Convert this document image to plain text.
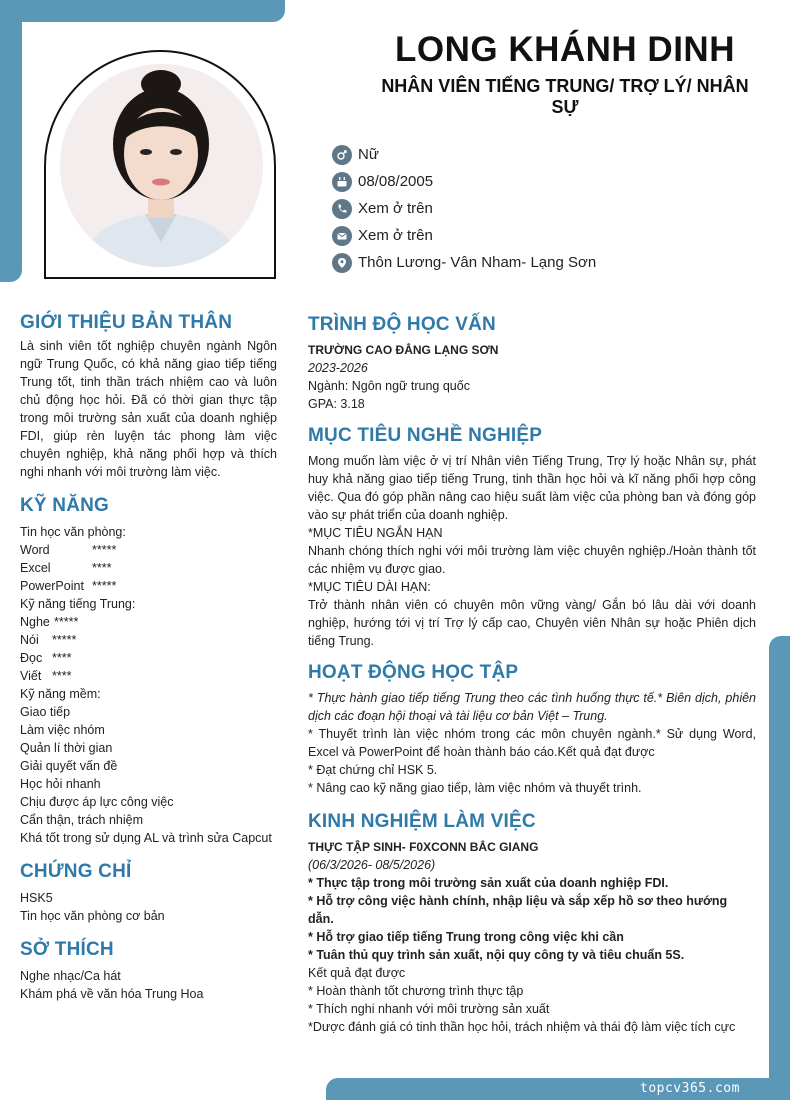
LONG KHÁNH DINH
NHÂN VIÊN TIẾNG TRUNG/ TRỢ LÝ/ NHÂN SỰ
Nữ
08/08/2005
Xem ở trên
Xem ở trên
Thôn Lương- Vân Nham- Lạng Sơn
GIỚI THIỆU BẢN THÂN

Là sinh viên tốt nghiệp chuyên ngành Ngôn ngữ Trung Quốc, có khả năng giao tiếp tiếng Trung tốt, tinh thần trách nhiệm cao và luôn chủ động học hỏi. Đã có thời gian thực tập trong môi trường sản xuất của doanh nghiệp FDI, giúp rèn luyện tác phong làm việc chuyên nghiệp, khả năng phối hợp và thích nghi nhanh với môi trường làm việc.

KỸ NĂNG
Tin học văn phòng:
Word	*****
Excel	****
PowerPoint *****
Kỹ năng tiếng Trung:
Nghe *****
Nói	*****
Đọc ****
Viết ****
Kỹ năng mềm:
Giao tiếp
Làm việc nhóm
Quản lí thời gian
Giải quyết vấn đề
Học hỏi nhanh
Chịu được áp lực công việc
Cẩn thận, trách nhiệm
Khá tốt trong sử dụng AL và trình sửa Capcut
CHỨNG CHỈ
HSK5
Tin học văn phòng cơ bản
SỞ THÍCH
Nghe nhạc/Ca hát
Khám phá về văn hóa Trung Hoa
TRÌNH ĐỘ HỌC VẤN
TRƯỜNG CAO ĐẲNG LẠNG SƠN
2023-2026
Ngành: Ngôn ngữ trung quốc
GPA: 3.18
MỤC TIÊU NGHỀ NGHIỆP
Mong muốn làm việc ở vị trí Nhân viên Tiếng Trung, Trợ lý hoặc Nhân sự, phát huy khả năng giao tiếp tiếng Trung, tinh thần học hỏi và kĩ năng phối hợp công việc. Qua đó góp phần nâng cao hiệu suất làm việc của phòng ban và đóng góp vào sự phát triển của doanh nghiệp.
*MỤC TIÊU NGẮN HẠN
Nhanh chóng thích nghi với môi trường làm việc chuyên nghiệp./Hoàn thành tốt các nhiệm vụ được giao.
*MỤC TIÊU DÀI HẠN:
Trở thành nhân viên có chuyên môn vững vàng/ Gắn bó lâu dài với doanh nghiệp, hướng tới vị trí Trợ lý cấp cao, Chuyên viên Nhân sự hoặc Phiên dịch tiếng Trung.
HOẠT ĐỘNG HỌC TẬP
* Thực hành giao tiếp tiếng Trung theo các tình huống thực tế.* Biên dịch, phiên dịch các đoạn hội thoại và tài liệu cơ bản Việt – Trung.
* Thuyết trình làn việc nhóm trong các môn chuyên ngành.* Sử dụng Word, Excel và PowerPoint để hoàn thành báo cáo.Kết quả đạt được
* Đạt chứng chỉ HSK 5.
* Nâng cao kỹ năng giao tiếp, làm việc nhóm và thuyết trình.
KINH NGHIỆM LÀM VIỆC
THỰC TẬP SINH- F0XCONN BẮC GIANG
(06/3/2026- 08/5/2026)
* Thực tập trong môi trường sản xuất của doanh nghiệp FDI.
* Hỗ trợ công việc hành chính, nhập liệu và sắp xếp hồ sơ theo hướng dẫn.
* Hỗ trợ giao tiếp tiếng Trung trong công việc khi cần
* Tuân thủ quy trình sản xuất, nội quy công ty và tiêu chuẩn 5S.
Kết quả đạt được
* Hoàn thành tốt chương trình thực tập
* Thích nghi nhanh với môi trường sản xuất
*Dược đánh giá có tinh thần học hỏi, trách nhiệm và thái độ làm việc tích cực
topcv365.com
